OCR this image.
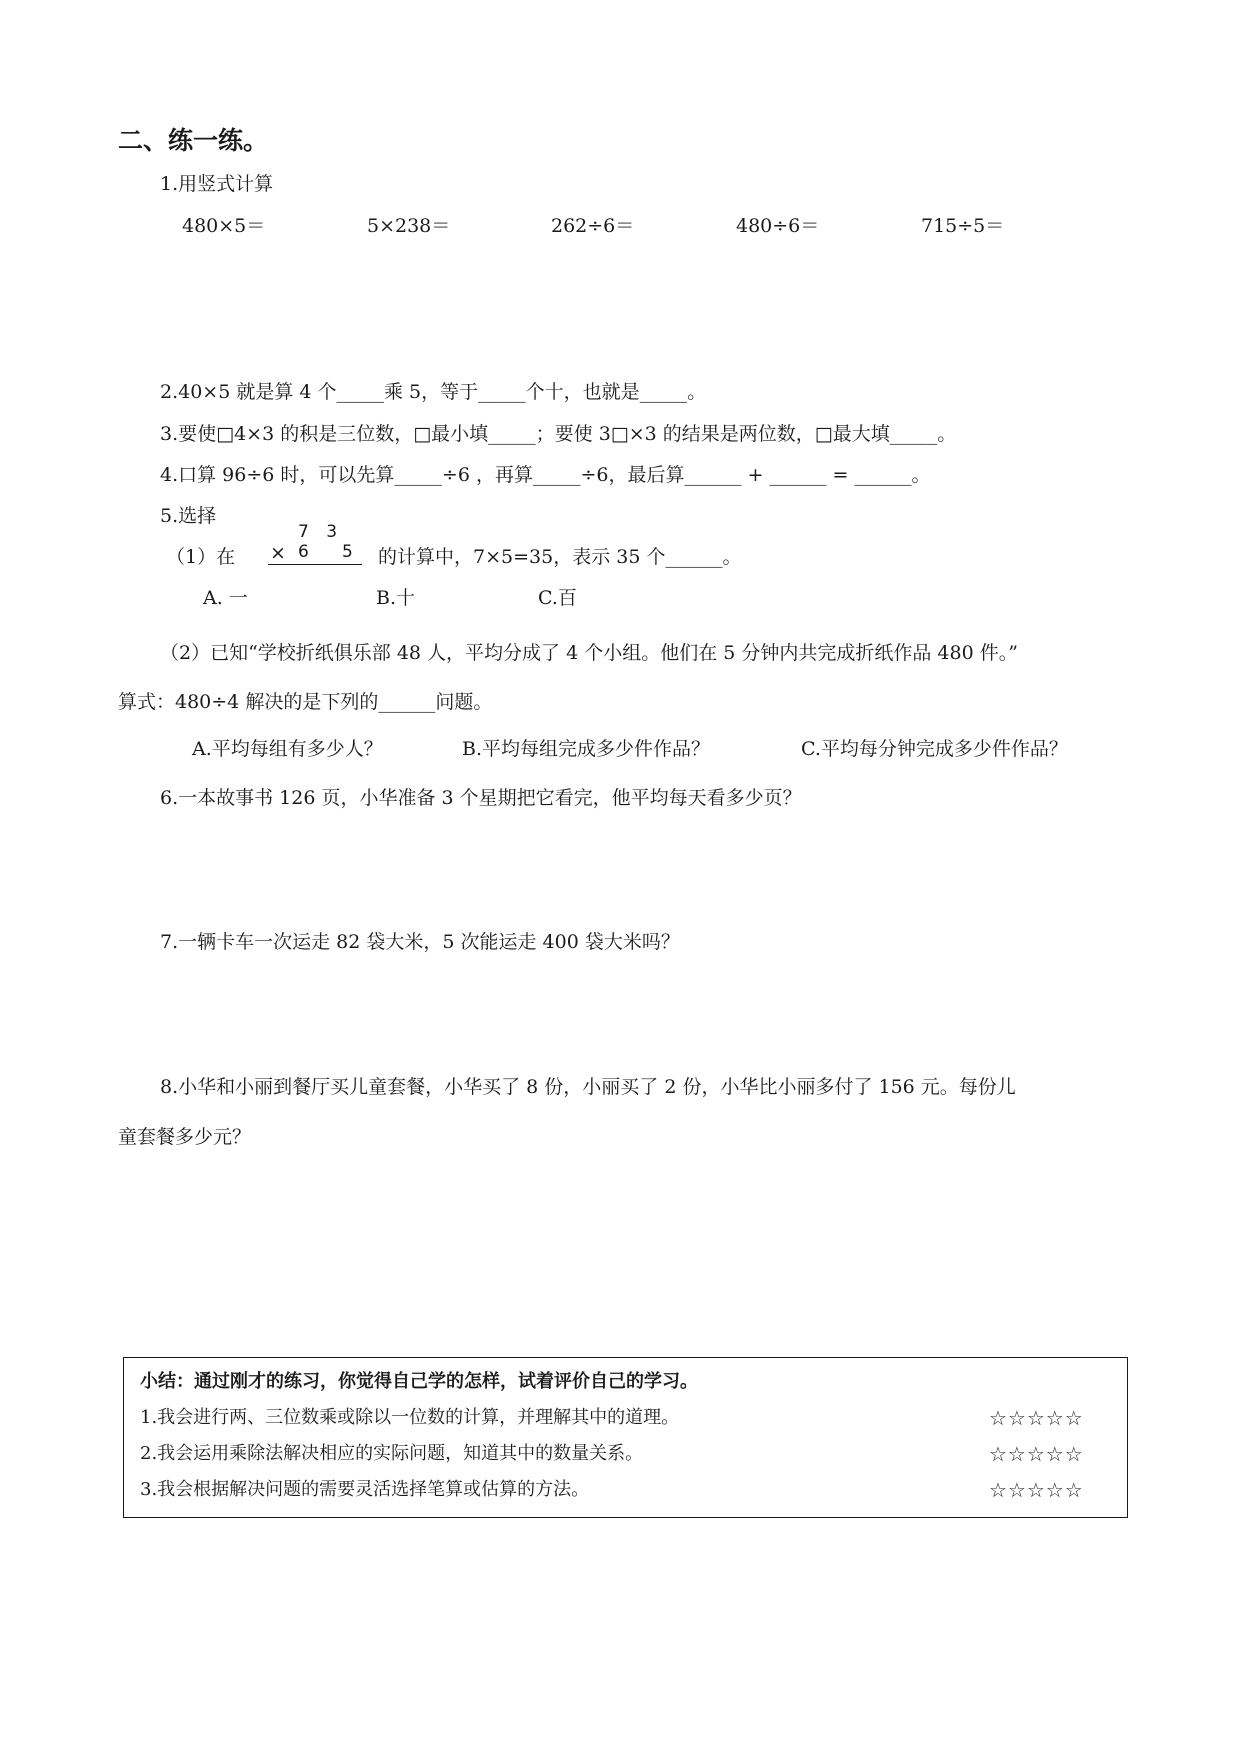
二、练一练。
1.用竖式计算
480×5＝	5×238＝	262÷6＝	480÷6＝	715÷5＝
2.40×5 就是算 4 个_____乘 5，等于_____个十，也就是_____。
3.要使□4×3 的积是三位数，□最小填_____；要使 3□×3 的结果是两位数，□最大填_____。
4.口算 96÷6 时，可以先算_____÷6 ，再算_____÷6，最后算______ + ______ = ______。
5.选择
（1）在
7 3 6
×	5 的计算中，7×5=35，表示 35 个______。
A. 一	B.十	C.百
（2）已知“学校折纸俱乐部 48 人，平均分成了 4 个小组。他们在 5 分钟内共完成折纸作品 480 件。”
算式：480÷4 解决的是下列的______问题。
A.平均每组有多少人？	B.平均每组完成多少件作品？	C.平均每分钟完成多少件作品？
6.一本故事书 126 页，小华准备 3 个星期把它看完，他平均每天看多少页？
7.一辆卡车一次运走 82 袋大米，5 次能运走 400 袋大米吗？
8.小华和小丽到餐厅买儿童套餐，小华买了 8 份，小丽买了 2 份，小华比小丽多付了 156 元。每份儿
童套餐多少元？
小结：通过刚才的练习，你觉得自己学的怎样，试着评价自己的学习。
1.我会进行两、三位数乘或除以一位数的计算，并理解其中的道理。	☆☆☆☆☆
2.我会运用乘除法解决相应的实际问题，知道其中的数量关系。	☆☆☆☆☆
3.我会根据解决问题的需要灵活选择笔算或估算的方法。	☆☆☆☆☆
